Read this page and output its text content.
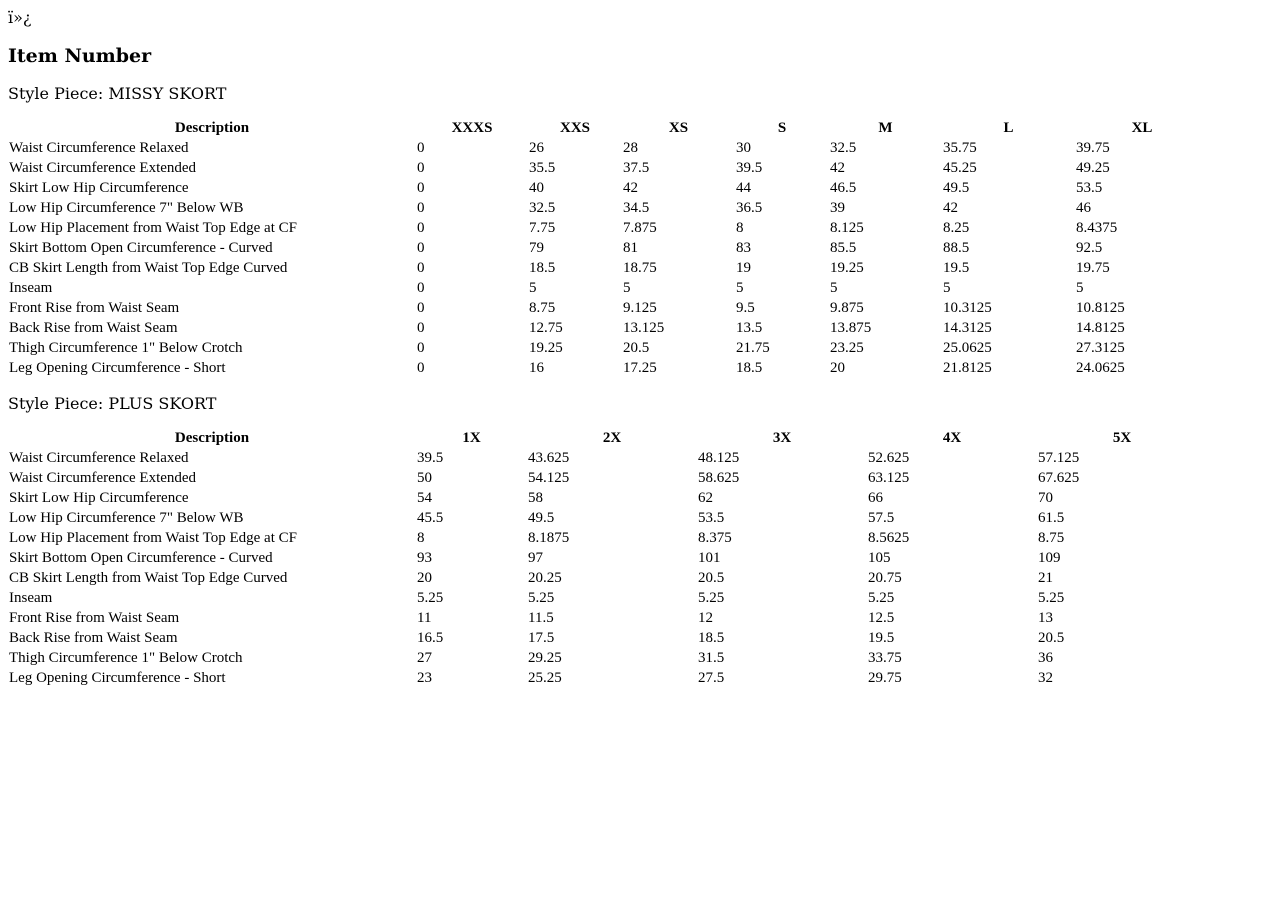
ï»¿
Item Number
Style Piece: MISSY SKORT
Description	XXXS	XXS	XS	S	M	L	XL
Waist Circumference Relaxed	0	26	28	30	32.5	35.75	39.75
Waist Circumference Extended	0	35.5	37.5	39.5	42	45.25	49.25
Skirt Low Hip Circumference	0	40	42	44	46.5	49.5	53.5
Low Hip Circumference 7" Below WB	0	32.5	34.5	36.5	39	42	46
Low Hip Placement from Waist Top Edge at CF	0	7.75	7.875	8	8.125	8.25	8.4375
Skirt Bottom Open Circumference - Curved	0	79	81	83	85.5	88.5	92.5
CB Skirt Length from Waist Top Edge Curved	0	18.5	18.75	19	19.25	19.5	19.75
Inseam	0	5	5	5	5	5	5
Front Rise from Waist Seam	0	8.75	9.125	9.5	9.875	10.3125	10.8125
Back Rise from Waist Seam	0	12.75	13.125	13.5	13.875	14.3125	14.8125
Thigh Circumference 1" Below Crotch	0	19.25	20.5	21.75	23.25	25.0625	27.3125
Leg Opening Circumference - Short	0	16	17.25	18.5	20	21.8125	24.0625
Style Piece: PLUS SKORT
Description	1X	2X	3X	4X	5X
Waist Circumference Relaxed	39.5	43.625	48.125	52.625	57.125
Waist Circumference Extended	50	54.125	58.625	63.125	67.625
Skirt Low Hip Circumference	54	58	62	66	70
Low Hip Circumference 7" Below WB	45.5	49.5	53.5	57.5	61.5
Low Hip Placement from Waist Top Edge at CF	8	8.1875	8.375	8.5625	8.75
Skirt Bottom Open Circumference - Curved	93	97	101	105	109
CB Skirt Length from Waist Top Edge Curved	20	20.25	20.5	20.75	21
Inseam	5.25	5.25	5.25	5.25	5.25
Front Rise from Waist Seam	11	11.5	12	12.5	13
Back Rise from Waist Seam	16.5	17.5	18.5	19.5	20.5
Thigh Circumference 1" Below Crotch	27	29.25	31.5	33.75	36
Leg Opening Circumference - Short	23	25.25	27.5	29.75	32
